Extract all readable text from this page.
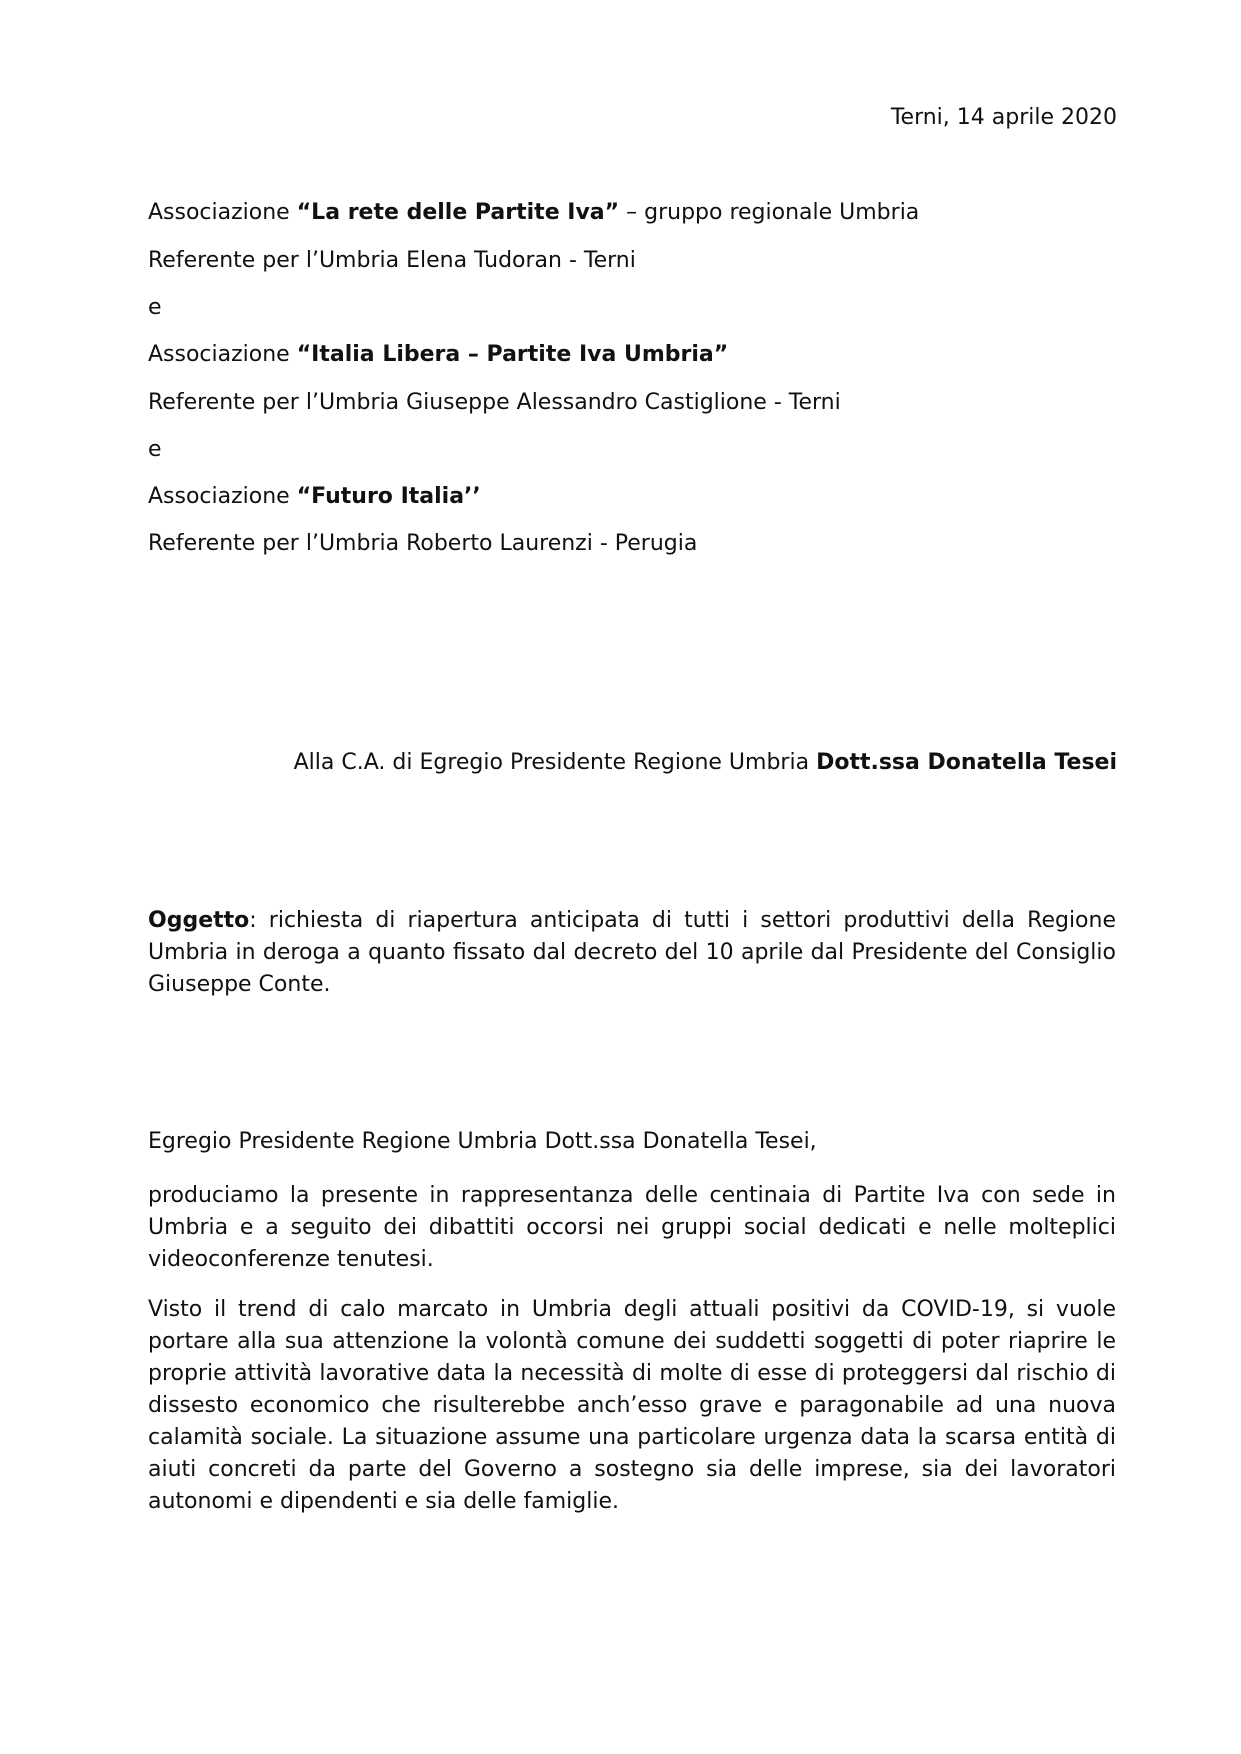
Terni, 14 aprile 2020
Associazione “La rete delle Partite Iva” – gruppo regionale Umbria
Referente per l’Umbria Elena Tudoran - Terni
e
Associazione “Italia Libera – Partite Iva Umbria”
Referente per l’Umbria Giuseppe Alessandro Castiglione - Terni
e
Associazione “Futuro Italia’’
Referente per l’Umbria Roberto Laurenzi - Perugia
Alla C.A. di Egregio Presidente Regione Umbria Dott.ssa Donatella Tesei
Oggetto: richiesta di riapertura anticipata di tutti i settori produttivi della Regione Umbria in deroga a quanto fissato dal decreto del 10 aprile dal Presidente del Consiglio Giuseppe Conte.
Egregio Presidente Regione Umbria Dott.ssa Donatella Tesei,
produciamo la presente in rappresentanza delle centinaia di Partite Iva con sede in Umbria e a seguito dei dibattiti occorsi nei gruppi social dedicati e nelle molteplici videoconferenze tenutesi.
Visto il trend di calo marcato in Umbria degli attuali positivi da COVID-19, si vuole portare alla sua attenzione la volontà comune dei suddetti soggetti di poter riaprire le proprie attività lavorative data la necessità di molte di esse di proteggersi dal rischio di dissesto economico che risulterebbe anch’esso grave e paragonabile ad una nuova calamità sociale. La situazione assume una particolare urgenza data la scarsa entità di aiuti concreti da parte del Governo a sostegno sia delle imprese, sia dei lavoratori autonomi e dipendenti e sia delle famiglie.
